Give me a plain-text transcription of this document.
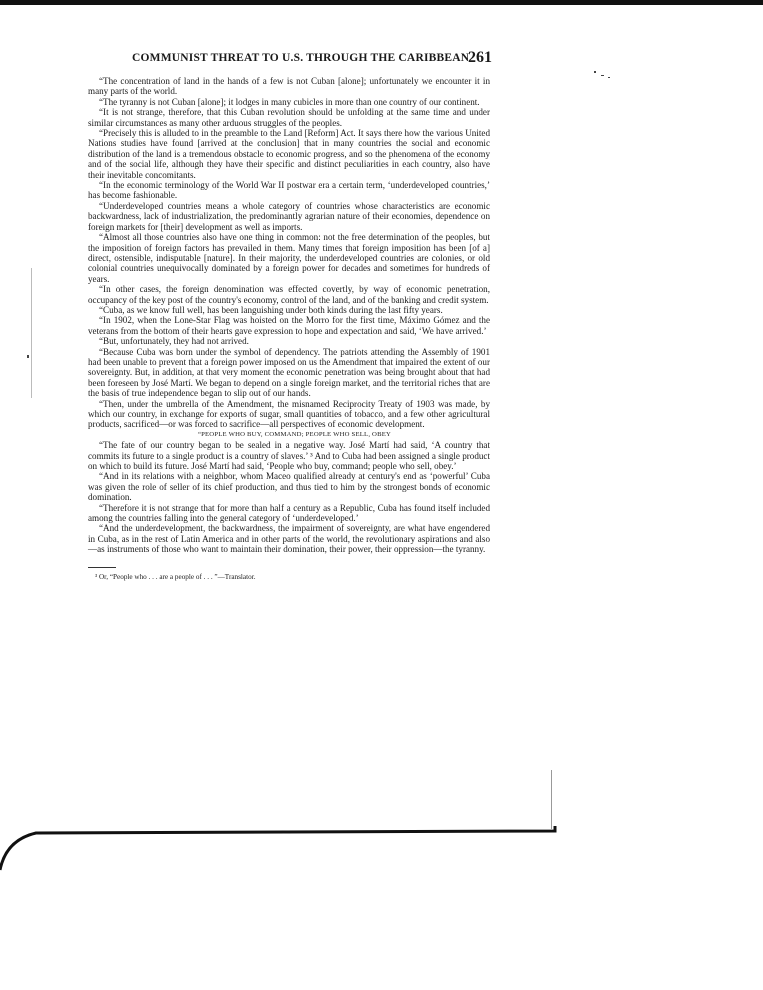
COMMUNIST THREAT TO U.S. THROUGH THE CARIBBEAN
261

“The concentration of land in the hands of a few is not Cuban [alone]; unfortunately we encounter it in many parts of the world.

“The tyranny is not Cuban [alone]; it lodges in many cubicles in more than one country of our continent.

“It is not strange, therefore, that this Cuban revolution should be unfolding at the same time and under similar circumstances as many other arduous struggles of the peoples.

“Precisely this is alluded to in the preamble to the Land [Reform] Act. It says there how the various United Nations studies have found [arrived at the conclusion] that in many countries the social and economic distribution of the land is a tremendous obstacle to economic progress, and so the phenomena of the economy and of the social life, although they have their specific and distinct peculiarities in each country, also have their inevitable concomitants.

“In the economic terminology of the World War II postwar era a certain term, ‘underdeveloped countries,’ has become fashionable.

“Underdeveloped countries means a whole category of countries whose characteristics are economic backwardness, lack of industrialization, the predominantly agrarian nature of their economies, dependence on foreign markets for [their] development as well as imports.

“Almost all those countries also have one thing in common: not the free determination of the peoples, but the imposition of foreign factors has prevailed in them. Many times that foreign imposition has been [of a] direct, ostensible, indisputable [nature]. In their majority, the underdeveloped countries are colonies, or old colonial countries unequivocally dominated by a foreign power for decades and sometimes for hundreds of years.

“In other cases, the foreign denomination was effected covertly, by way of economic penetration, occupancy of the key post of the country's economy, control of the land, and of the banking and credit system.

“Cuba, as we know full well, has been languishing under both kinds during the last fifty years.

“In 1902, when the Lone-Star Flag was hoisted on the Morro for the first time, Máximo Gómez and the veterans from the bottom of their hearts gave expression to hope and expectation and said, ‘We have arrived.’

“But, unfortunately, they had not arrived.

“Because Cuba was born under the symbol of dependency. The patriots attending the Assembly of 1901 had been unable to prevent that a foreign power imposed on us the Amendment that impaired the extent of our sovereignty. But, in addition, at that very moment the economic penetration was being brought about that had been foreseen by José Martí. We began to depend on a single foreign market, and the territorial riches that are the basis of true independence began to slip out of our hands.

“Then, under the umbrella of the Amendment, the misnamed Reciprocity Treaty of 1903 was made, by which our country, in exchange for exports of sugar, small quantities of tobacco, and a few other agricultural products, sacrificed—or was forced to sacrifice—all perspectives of economic development.

“PEOPLE WHO BUY, COMMAND; PEOPLE WHO SELL, OBEY

“The fate of our country began to be sealed in a negative way. José Martí had said, ‘A country that commits its future to a single product is a country of slaves.’ ³ And to Cuba had been assigned a single product on which to build its future. José Martí had said, ‘People who buy, command; people who sell, obey.’

“And in its relations with a neighbor, whom Maceo qualified already at century's end as ‘powerful’ Cuba was given the role of seller of its chief production, and thus tied to him by the strongest bonds of economic domination.

“Therefore it is not strange that for more than half a century as a Republic, Cuba has found itself included among the countries falling into the general category of ‘underdeveloped.’

“And the underdevelopment, the backwardness, the impairment of sovereignty, are what have engendered in Cuba, as in the rest of Latin America and in other parts of the world, the revolutionary aspirations and also—as instruments of those who want to maintain their domination, their power, their oppression—the tyranny.

³ Or, “People who . . . are a people of . . . ”—Translator.
